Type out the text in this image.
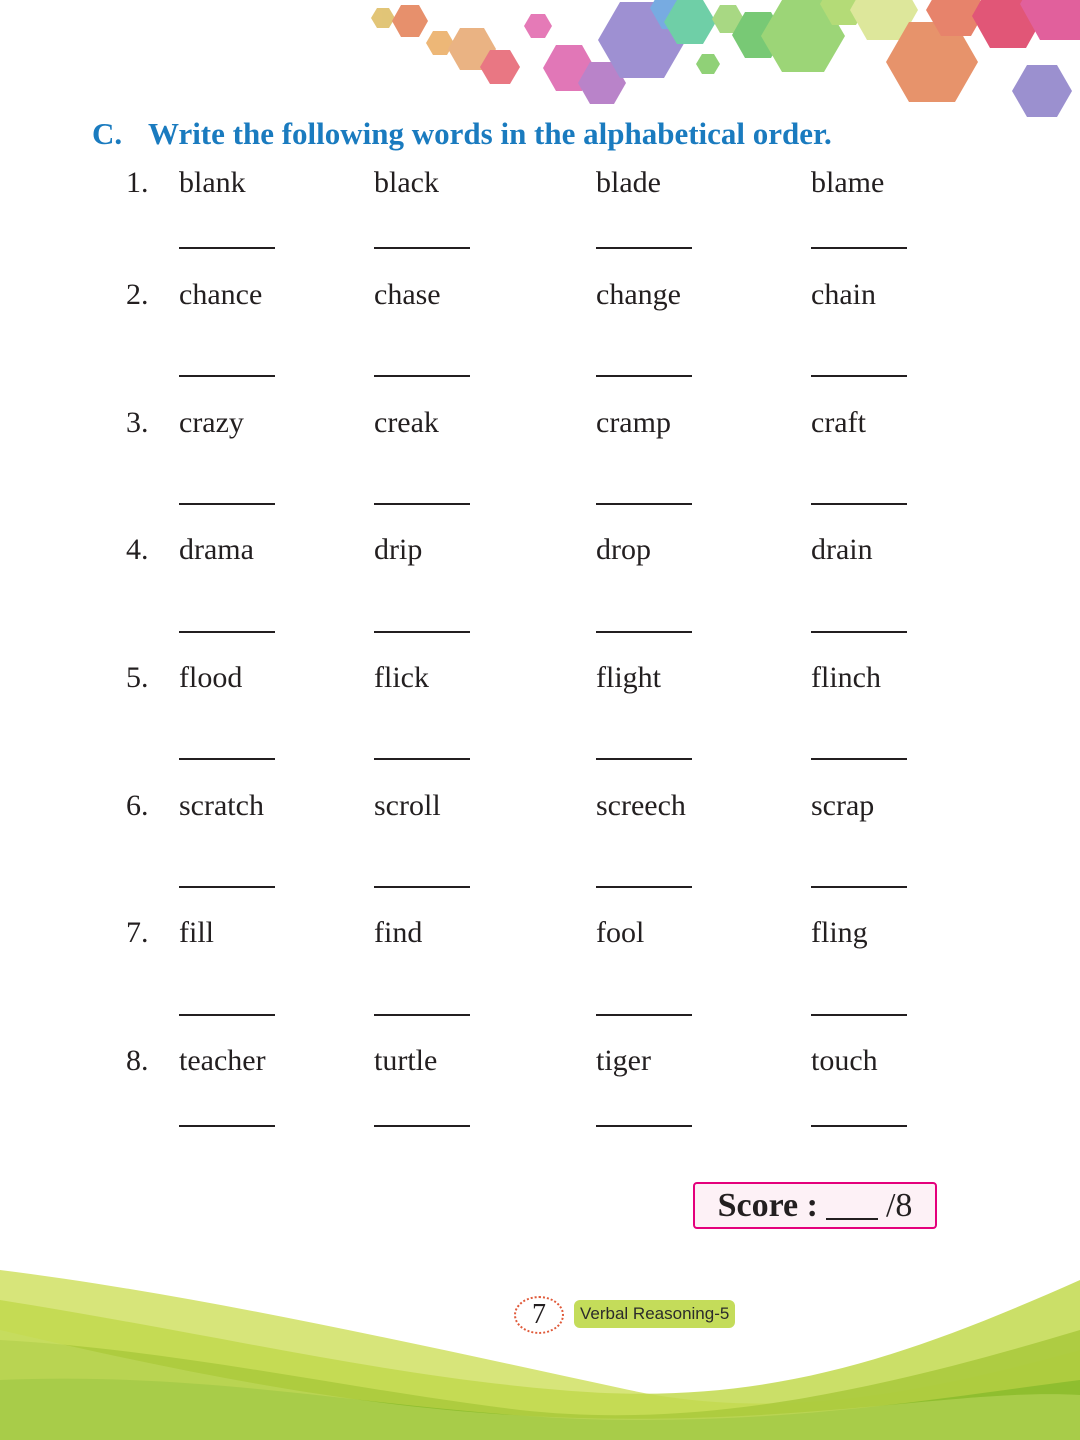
C. Write the following words in the alphabetical order.
1. blank	black	blade	blame
2. chance	chase	change	chain
3. crazy	creak	cramp	craft
4. drama	drip	drop	drain
5. flood	flick	flight	flinch
6. scratch	scroll	screech	scrap
7. fill	find	fool	fling
8. teacher	turtle	tiger	touch
Score : /8
7	Verbal Reasoning-5
